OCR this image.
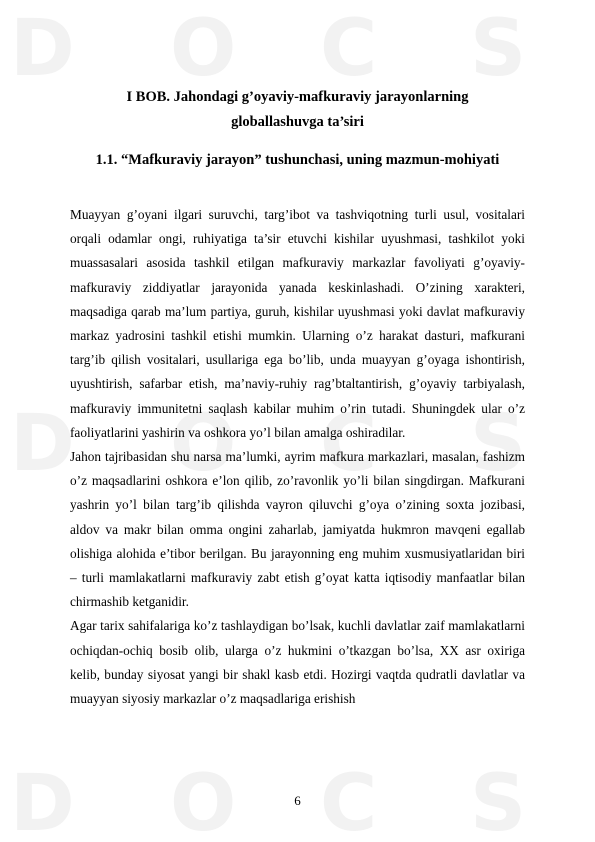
D O C S
D O C S
D O C S
I BOB. Jahondagi g’oyaviy-mafkuraviy jarayonlarning
globallashuvga ta’siri
1.1. “Mafkuraviy jarayon” tushunchasi, uning mazmun-mohiyati

Muayyan g’oyani ilgari suruvchi, targ’ibot va tashviqotning turli usul, vositalari orqali odamlar ongi, ruhiyatiga ta’sir etuvchi kishilar uyushmasi, tashkilot yoki muassasalari asosida tashkil etilgan mafkuraviy markazlar favoliyati g’oyaviy-mafkuraviy ziddiyatlar jarayonida yanada keskinlashadi. O’zining xarakteri, maqsadiga qarab ma’lum partiya, guruh, kishilar uyushmasi yoki davlat mafkuraviy markaz yadrosini tashkil etishi mumkin. Ularning o’z harakat dasturi, mafkurani targ’ib qilish vositalari, usullariga ega bo’lib, unda muayyan g’oyaga ishontirish, uyushtirish, safarbar etish, ma’naviy-ruhiy rag’btaltantirish, g’oyaviy tarbiyalash, mafkuraviy immunitetni saqlash kabilar muhim o’rin tutadi. Shuningdek ular o’z faoliyatlarini yashirin va oshkora yo’l bilan amalga oshiradilar.

Jahon tajribasidan shu narsa ma’lumki, ayrim mafkura markazlari, masalan, fashizm o’z maqsadlarini oshkora e’lon qilib, zo’ravonlik yo’li bilan singdirgan. Mafkurani yashrin yo’l bilan targ’ib qilishda vayron qiluvchi g’oya o’zining soxta jozibasi, aldov va makr bilan omma ongini zaharlab, jamiyatda hukmron mavqeni egallab olishiga alohida e’tibor berilgan. Bu jarayonning eng muhim xusmusiyatlaridan biri – turli mamlakatlarni mafkuraviy zabt etish g’oyat katta iqtisodiy manfaatlar bilan chirmashib ketganidir.

Agar tarix sahifalariga ko’z tashlaydigan bo’lsak, kuchli davlatlar zaif mamlakatlarni ochiqdan-ochiq bosib olib, ularga o’z hukmini o’tkazgan bo’lsa, XX asr oxiriga kelib, bunday siyosat yangi bir shakl kasb etdi. Hozirgi vaqtda qudratli davlatlar va muayyan siyosiy markazlar o’z maqsadlariga erishish

6
